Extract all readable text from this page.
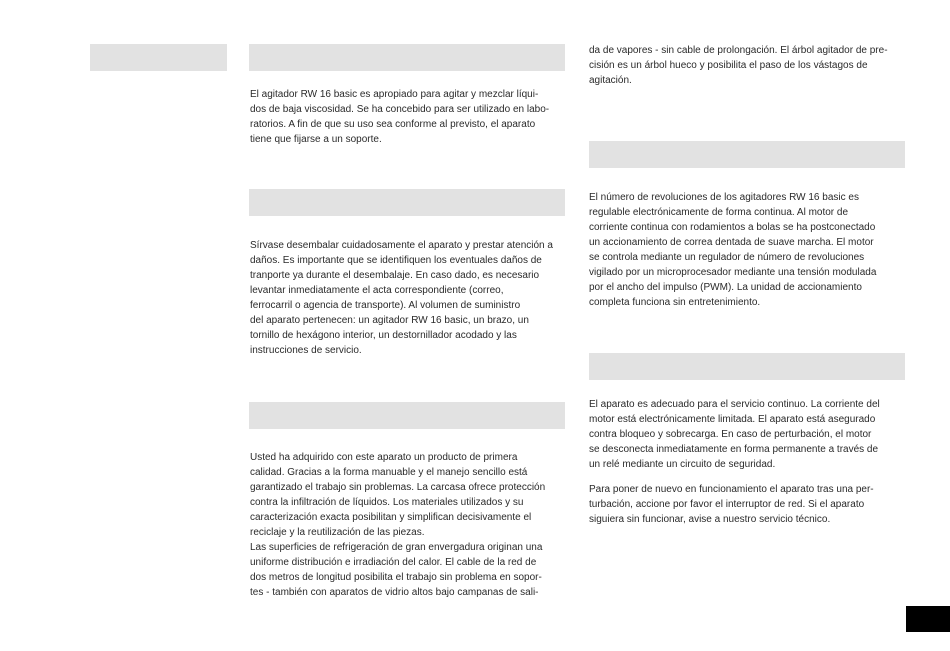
El agitador RW 16 basic es apropiado para agitar y mezclar líqui-
dos de baja viscosidad. Se ha concebido para ser utilizado en labo-
ratorios. A fin de que su uso sea conforme al previsto, el aparato
tiene que fijarse a un soporte.

Sírvase desembalar cuidadosamente el aparato y prestar atención a
daños. Es importante que se identifiquen los eventuales daños de
tranporte ya durante el desembalaje. En caso dado, es necesario
levantar inmediatamente el acta correspondiente (correo,
ferrocarril o agencia de transporte). Al volumen de suministro
del aparato pertenecen: un agitador RW 16 basic, un brazo, un
tornillo de hexágono interior, un destornillador acodado y las
instrucciones de servicio.

Usted ha adquirido con este aparato un producto de primera
calidad. Gracias a la forma manuable y el manejo sencillo está
garantizado el trabajo sin problemas. La carcasa ofrece protección
contra la infiltración de líquidos. Los materiales utilizados y su
caracterización exacta posibilitan y simplifican decisivamente el
reciclaje y la reutilización de las piezas.
Las superficies de refrigeración de gran envergadura originan una
uniforme distribución e irradiación del calor. El cable de la red de
dos metros de longitud posibilita el trabajo sin problema en sopor-
tes - también con aparatos de vidrio altos bajo campanas de sali-

da de vapores - sin cable de prolongación. El árbol agitador de pre-
cisión es un árbol hueco y posibilita el paso de los vástagos de
agitación.

El número de revoluciones de los agitadores RW 16 basic es
regulable electrónicamente de forma continua. Al motor de
corriente continua con rodamientos a bolas se ha postconectado
un accionamiento de correa dentada de suave marcha. El motor
se controla mediante un regulador de número de revoluciones
vigilado por un microprocesador mediante una tensión modulada
por el ancho del impulso (PWM). La unidad de accionamiento
completa funciona sin entretenimiento.

El aparato es adecuado para el servicio continuo. La corriente del
motor está electrónicamente limitada. El aparato está asegurado
contra bloqueo y sobrecarga. En caso de perturbación, el motor
se desconecta inmediatamente en forma permanente a través de
un relé mediante un circuito de seguridad.

Para poner de nuevo en funcionamiento el aparato tras una per-
turbación, accione por favor el interruptor de red. Si el aparato
siguiera sin funcionar, avise a nuestro servicio técnico.
